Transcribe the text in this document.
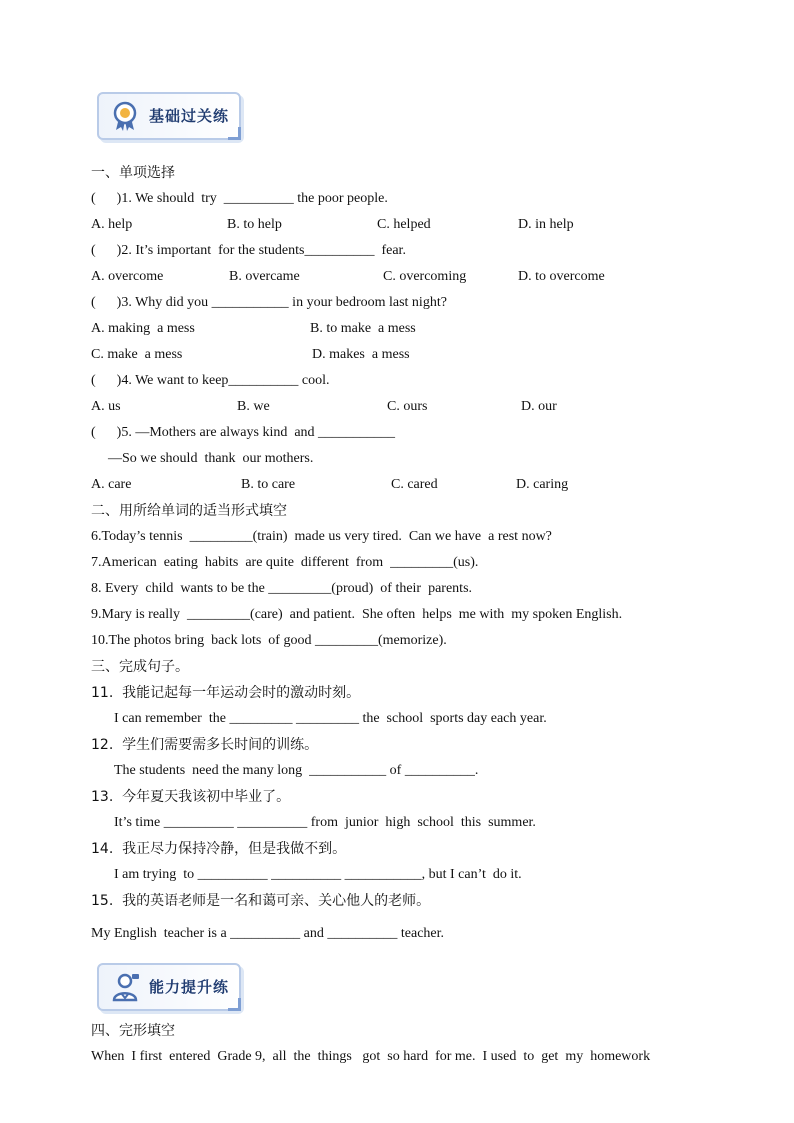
基础过关练
一、单项选择
(      )1. We should  try  __________ the poor people.
A. help	B. to help	C. helped	D. in help
(      )2. It’s important  for the students__________  fear.
A. overcome	B. overcame	C. overcoming	D. to overcome
(      )3. Why did you ___________ in your bedroom last night?
A. making  a mess	B. to make  a mess
C. make  a mess	D. makes  a mess
(      )4. We want to keep__________ cool.
A. us	B. we	C. ours	D. our
(      )5. —Mothers are always kind  and ___________
—So we should  thank  our mothers.
A. care	B. to care	C. cared	D. caring
二、用所给单词的适当形式填空
6.Today’s tennis  _________(train)  made us very tired.  Can we have  a rest now?
7.American  eating  habits  are quite  different  from  _________(us).
8. Every  child  wants to be the _________(proud)  of their  parents.
9.Mary is really  _________(care)  and patient.  She often  helps  me with  my spoken English.
10.The photos bring  back lots  of good _________(memorize).
三、完成句子。
11.  我能记起每一年运动会时的激动时刻。
I can remember  the _________ _________ the  school  sports day each year.
12.  学生们需要需多长时间的训练。
The students  need the many long  ___________ of __________.
13.  今年夏天我该初中毕业了。
It’s time __________ __________ from  junior  high  school  this  summer.
14.  我正尽力保持冷静，但是我做不到。
I am trying  to __________ __________ ___________, but I can’t  do it.
15.  我的英语老师是一名和蔼可亲、关心他人的老师。
My English  teacher is a __________ and __________ teacher.
能力提升练
四、完形填空
When  I first  entered  Grade 9,  all  the  things   got  so hard  for me.  I used  to  get  my  homework
